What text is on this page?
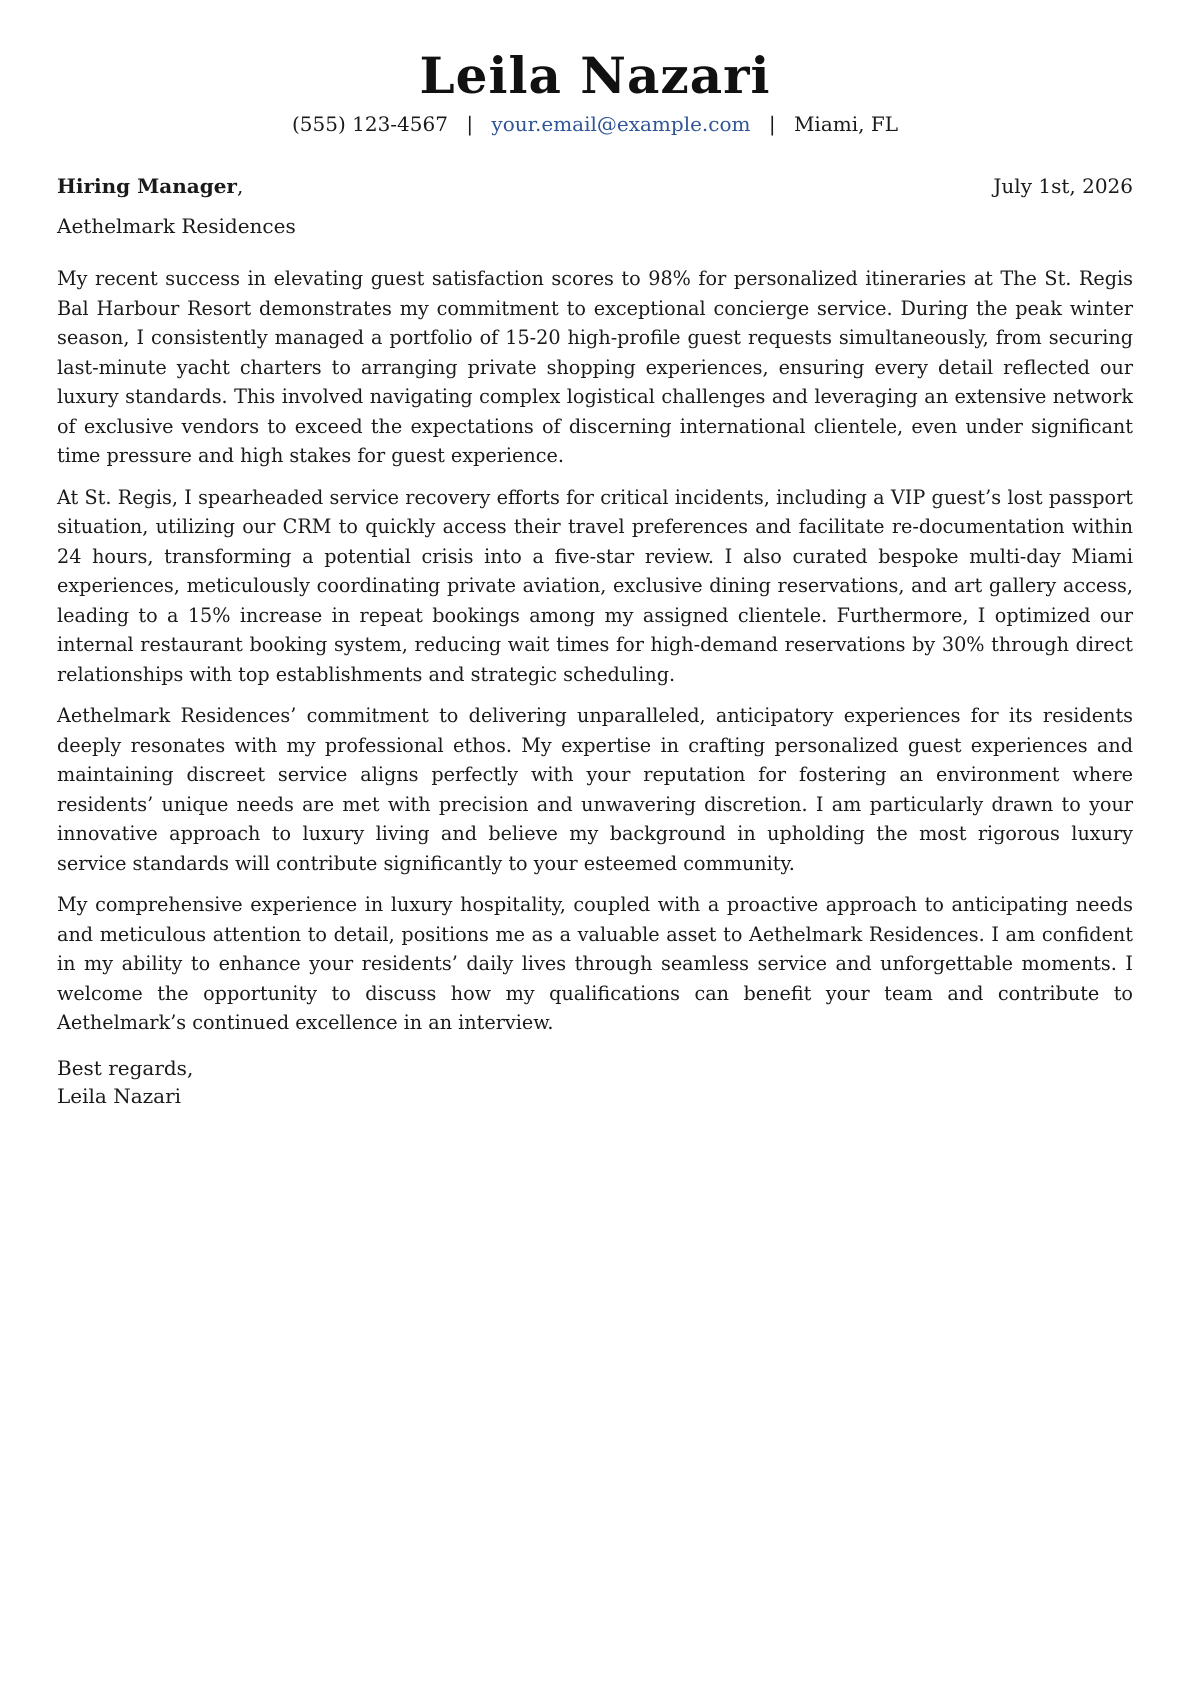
Leila Nazari
(555) 123-4567 | your.email@example.com | Miami, FL
Hiring Manager,	July 1st, 2026
Aethelmark Residences

My recent success in elevating guest satisfaction scores to 98% for personalized itineraries at The St. Regis Bal Harbour Resort demonstrates my commitment to exceptional concierge service. During the peak winter season, I consistently managed a portfolio of 15-20 high-profile guest requests simultaneously, from securing last-minute yacht charters to arranging private shopping experiences, ensuring every detail reflected our luxury standards. This involved navigating complex logistical challenges and leveraging an extensive network of exclusive vendors to exceed the expectations of discerning international clientele, even under significant time pressure and high stakes for guest experience.

At St. Regis, I spearheaded service recovery efforts for critical incidents, including a VIP guest’s lost passport situation, utilizing our CRM to quickly access their travel preferences and facilitate re-documentation within 24 hours, transforming a potential crisis into a five-star review. I also curated bespoke multi-day Miami experiences, meticulously coordinating private aviation, exclusive dining reservations, and art gallery access, leading to a 15% increase in repeat bookings among my assigned clientele. Furthermore, I optimized our internal restaurant booking system, reducing wait times for high-demand reservations by 30% through direct relationships with top establishments and strategic scheduling.

Aethelmark Residences’ commitment to delivering unparalleled, anticipatory experiences for its residents deeply resonates with my professional ethos. My expertise in crafting personalized guest experiences and maintaining discreet service aligns perfectly with your reputation for fostering an environment where residents’ unique needs are met with precision and unwavering discretion. I am particularly drawn to your innovative approach to luxury living and believe my background in upholding the most rigorous luxury service standards will contribute significantly to your esteemed community.

My comprehensive experience in luxury hospitality, coupled with a proactive approach to anticipating needs and meticulous attention to detail, positions me as a valuable asset to Aethelmark Residences. I am confident in my ability to enhance your residents’ daily lives through seamless service and unforgettable moments. I welcome the opportunity to discuss how my qualifications can benefit your team and contribute to Aethelmark’s continued excellence in an interview.

Best regards,
Leila Nazari
